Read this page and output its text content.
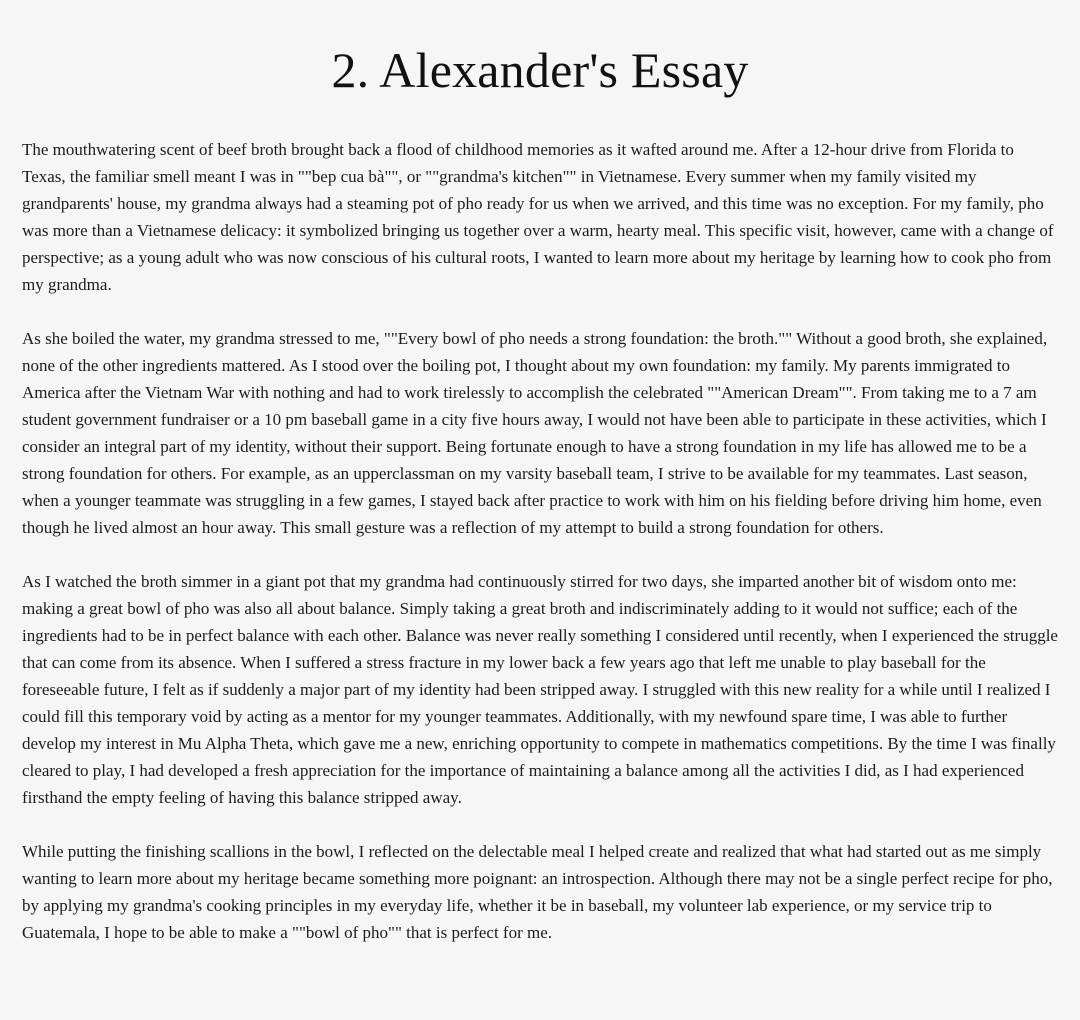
2. Alexander's Essay

The mouthwatering scent of beef broth brought back a flood of childhood memories as it wafted around me. After a 12-hour drive from Florida to Texas, the familiar smell meant I was in ""bep cua bà"", or ""grandma's kitchen"" in Vietnamese. Every summer when my family visited my grandparents' house, my grandma always had a steaming pot of pho ready for us when we arrived, and this time was no exception. For my family, pho was more than a Vietnamese delicacy: it symbolized bringing us together over a warm, hearty meal. This specific visit, however, came with a change of perspective; as a young adult who was now conscious of his cultural roots, I wanted to learn more about my heritage by learning how to cook pho from my grandma.

As she boiled the water, my grandma stressed to me, ""Every bowl of pho needs a strong foundation: the broth."" Without a good broth, she explained, none of the other ingredients mattered. As I stood over the boiling pot, I thought about my own foundation: my family. My parents immigrated to America after the Vietnam War with nothing and had to work tirelessly to accomplish the celebrated ""American Dream"". From taking me to a 7 am student government fundraiser or a 10 pm baseball game in a city five hours away, I would not have been able to participate in these activities, which I consider an integral part of my identity, without their support. Being fortunate enough to have a strong foundation in my life has allowed me to be a strong foundation for others. For example, as an upperclassman on my varsity baseball team, I strive to be available for my teammates. Last season, when a younger teammate was struggling in a few games, I stayed back after practice to work with him on his fielding before driving him home, even though he lived almost an hour away. This small gesture was a reflection of my attempt to build a strong foundation for others.

As I watched the broth simmer in a giant pot that my grandma had continuously stirred for two days, she imparted another bit of wisdom onto me: making a great bowl of pho was also all about balance. Simply taking a great broth and indiscriminately adding to it would not suffice; each of the ingredients had to be in perfect balance with each other. Balance was never really something I considered until recently, when I experienced the struggle that can come from its absence. When I suffered a stress fracture in my lower back a few years ago that left me unable to play baseball for the foreseeable future, I felt as if suddenly a major part of my identity had been stripped away. I struggled with this new reality for a while until I realized I could fill this temporary void by acting as a mentor for my younger teammates. Additionally, with my newfound spare time, I was able to further develop my interest in Mu Alpha Theta, which gave me a new, enriching opportunity to compete in mathematics competitions. By the time I was finally cleared to play, I had developed a fresh appreciation for the importance of maintaining a balance among all the activities I did, as I had experienced firsthand the empty feeling of having this balance stripped away.

While putting the finishing scallions in the bowl, I reflected on the delectable meal I helped create and realized that what had started out as me simply wanting to learn more about my heritage became something more poignant: an introspection. Although there may not be a single perfect recipe for pho, by applying my grandma's cooking principles in my everyday life, whether it be in baseball, my volunteer lab experience, or my service trip to Guatemala, I hope to be able to make a ""bowl of pho"" that is perfect for me.
